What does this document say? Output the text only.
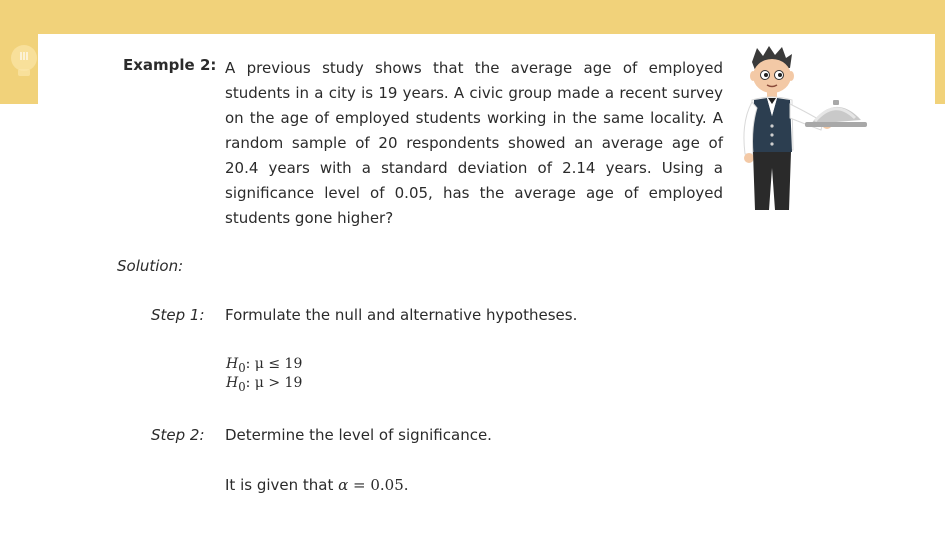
Example 2: A previous study shows that the average age of employed students in a city is 19 years. A civic group made a recent survey on the age of employed students working in the same locality. A random sample of 20 respondents showed an average age of 20.4 years with a standard deviation of 2.14 years. Using a significance level of 0.05, has the average age of employed students gone higher?

Solution:
Step 1: Formulate the null and alternative hypotheses.
$H_0$: μ ≤ 19
$H_0$: μ > 19
Step 2: Determine the level of significance.
It is given that α = 0.05.
